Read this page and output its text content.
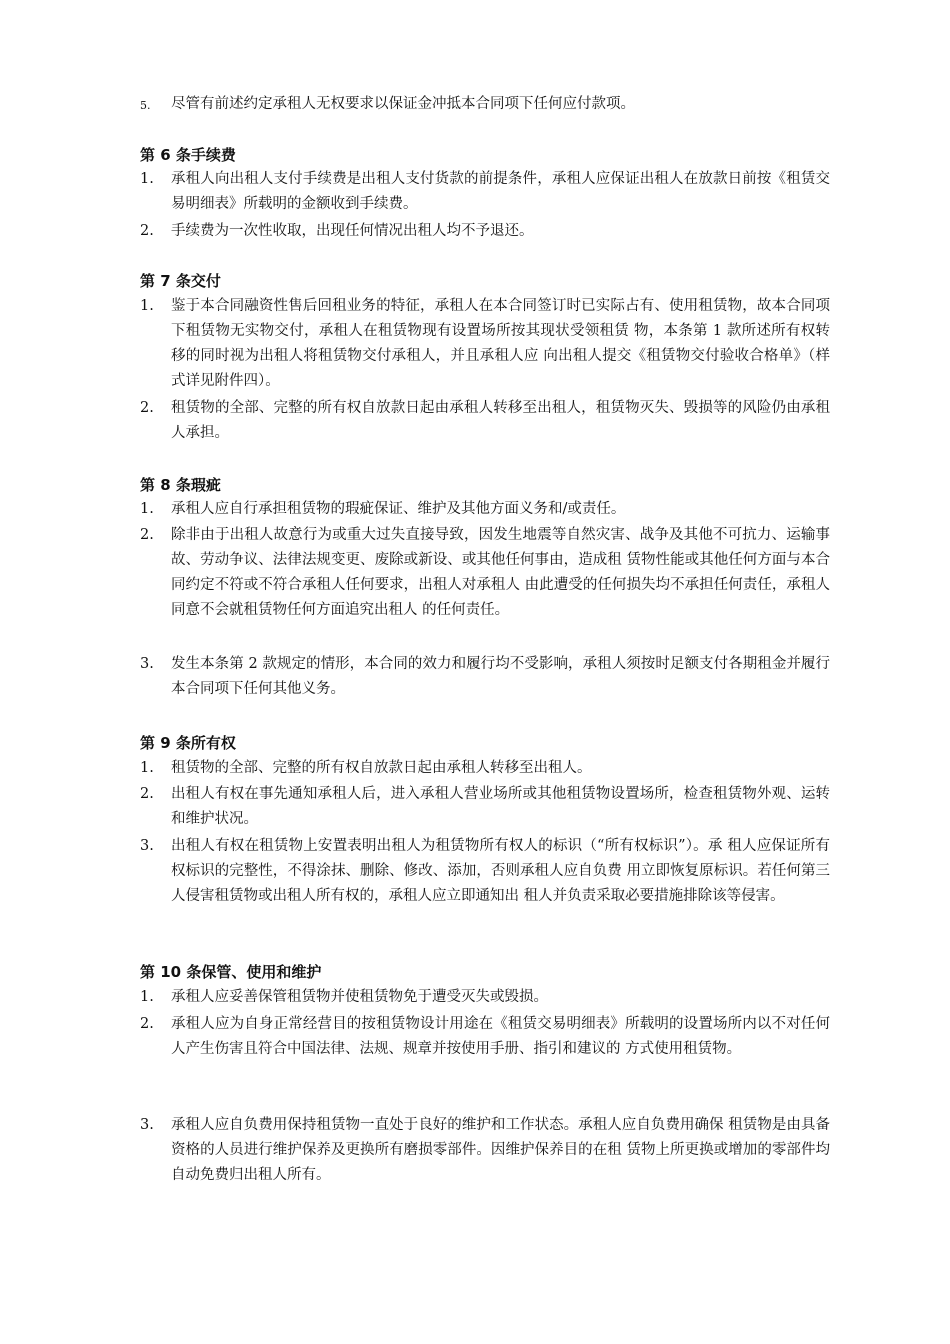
5.	尽管有前述约定承租人无权要求以保证金冲抵本合同项下任何应付款项。
第 6 条手续费
1.	承租人向出租人支付手续费是出租人支付货款的前提条件，承租人应保证出租人在放款日前按《租赁交易明细表》所载明的金额收到手续费。
2.	手续费为一次性收取，出现任何情况出租人均不予退还。
第 7 条交付
1.	鉴于本合同融资性售后回租业务的特征，承租人在本合同签订时已实际占有、使用租赁物，故本合同项下租赁物无实物交付，承租人在租赁物现有设置场所按其现状受领租赁 物，本条第 1 款所述所有权转移的同时视为出租人将租赁物交付承租人，并且承租人应 向出租人提交《租赁物交付验收合格单》（样式详见附件四）。
2.	租赁物的全部、完整的所有权自放款日起由承租人转移至出租人，租赁物灭失、毁损等的风险仍由承租人承担。
第 8 条瑕疵
1.	承租人应自行承担租赁物的瑕疵保证、维护及其他方面义务和/或责任。
2.	除非由于出租人故意行为或重大过失直接导致，因发生地震等自然灾害、战争及其他不可抗力、运输事故、劳动争议、法律法规变更、废除或新设、或其他任何事由，造成租 赁物性能或其他任何方面与本合同约定不符或不符合承租人任何要求，出租人对承租人 由此遭受的任何损失均不承担任何责任，承租人同意不会就租赁物任何方面追究出租人 的任何责任。
3.	发生本条第 2 款规定的情形，本合同的效力和履行均不受影响，承租人须按时足额支付各期租金并履行本合同项下任何其他义务。
第 9 条所有权
1.	租赁物的全部、完整的所有权自放款日起由承租人转移至出租人。
2.	出租人有权在事先通知承租人后，进入承租人营业场所或其他租赁物设置场所，检查租赁物外观、运转和维护状况。
3.	出租人有权在租赁物上安置表明出租人为租赁物所有权人的标识（“所有权标识”）。承 租人应保证所有权标识的完整性，不得涂抹、删除、修改、添加，否则承租人应自负费 用立即恢复原标识。若任何第三人侵害租赁物或出租人所有权的，承租人应立即通知出 租人并负责采取必要措施排除该等侵害。
第 10 条保管、使用和维护
1.	承租人应妥善保管租赁物并使租赁物免于遭受灭失或毁损。
2.	承租人应为自身正常经营目的按租赁物设计用途在《租赁交易明细表》所载明的设置场所内以不对任何人产生伤害且符合中国法律、法规、规章并按使用手册、指引和建议的 方式使用租赁物。
3.	承租人应自负费用保持租赁物一直处于良好的维护和工作状态。承租人应自负费用确保 租赁物是由具备资格的人员进行维护保养及更换所有磨损零部件。因维护保养目的在租 赁物上所更换或增加的零部件均自动免费归出租人所有。
